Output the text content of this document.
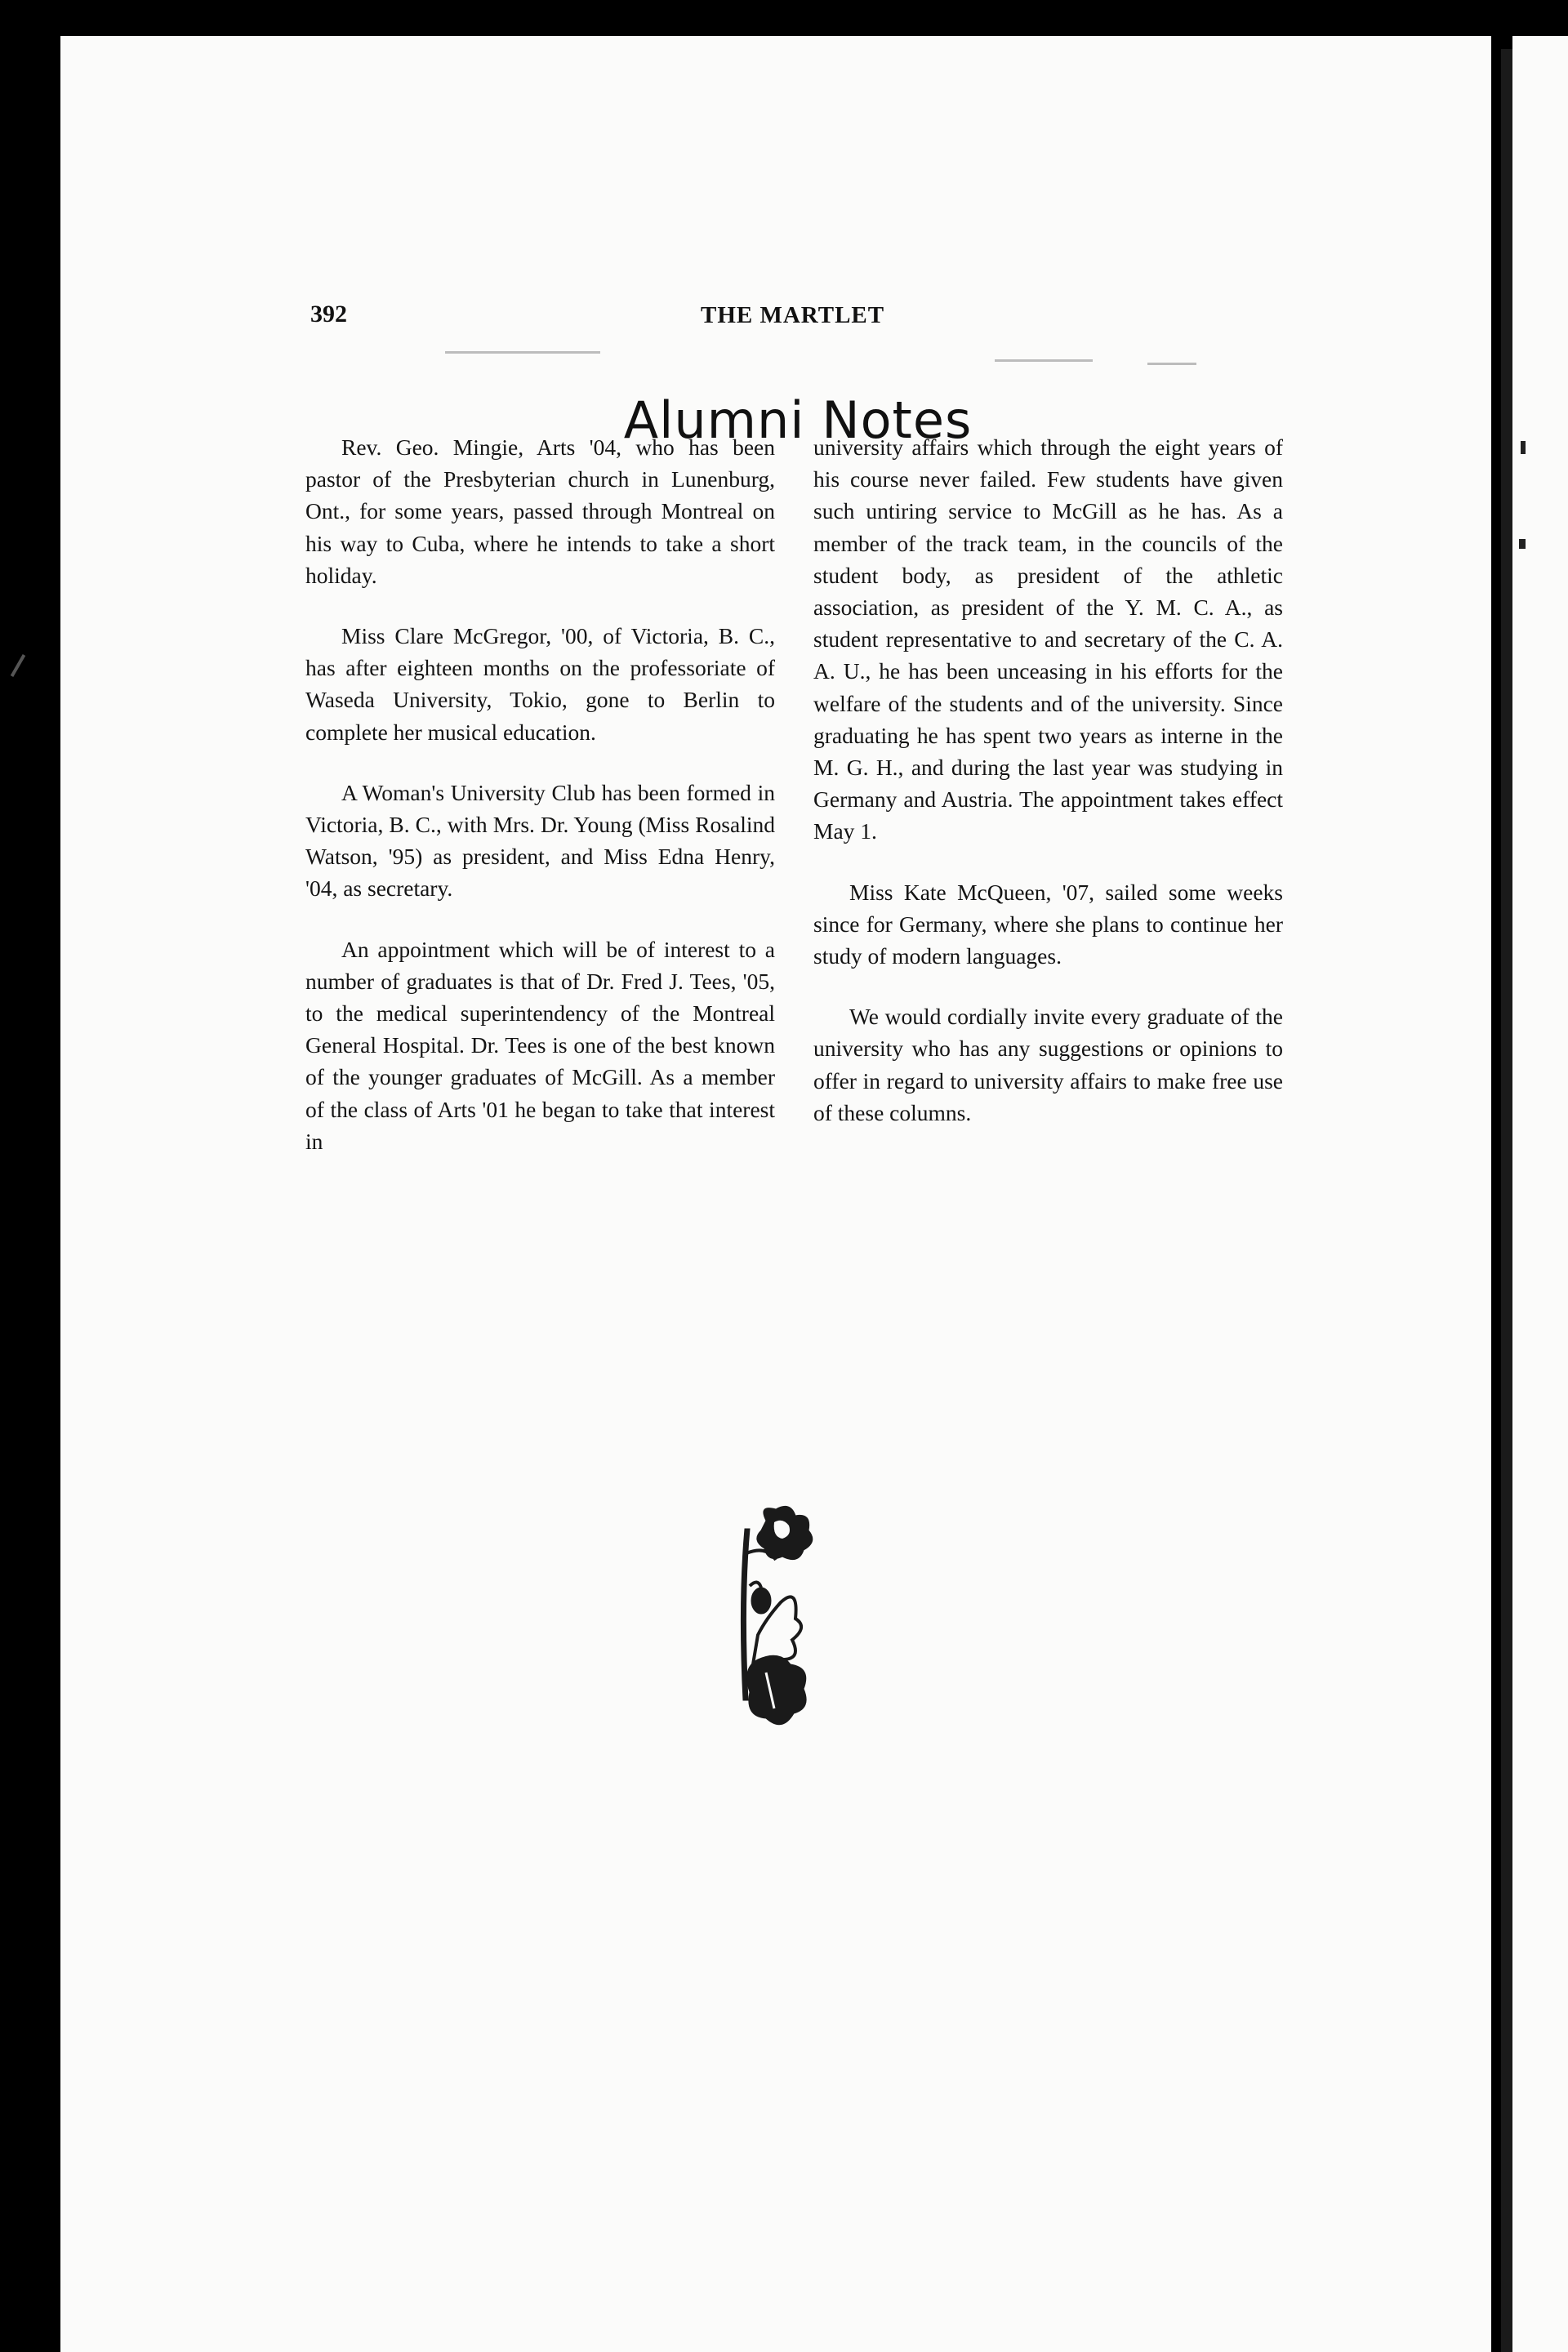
392	THE MARTLET
Alumni Notes

Rev. Geo. Mingie, Arts '04, who has been pastor of the Presbyterian church in Lunenburg, Ont., for some years, passed through Montreal on his way to Cuba, where he intends to take a short holiday.

Miss Clare McGregor, '00, of Victoria, B. C., has after eighteen months on the professoriate of Waseda University, Tokio, gone to Berlin to complete her musical education.

A Woman's University Club has been formed in Victoria, B. C., with Mrs. Dr. Young (Miss Rosalind Watson, '95) as president, and Miss Edna Henry, '04, as secretary.

An appointment which will be of interest to a number of graduates is that of Dr. Fred J. Tees, '05, to the medical superintendency of the Montreal General Hospital. Dr. Tees is one of the best known of the younger graduates of McGill. As a member of the class of Arts '01 he began to take that interest in

university affairs which through the eight years of his course never failed. Few students have given such untiring service to McGill as he has. As a member of the track team, in the councils of the student body, as president of the athletic association, as president of the Y. M. C. A., as student representative to and secretary of the C. A. A. U., he has been unceasing in his efforts for the welfare of the students and of the university. Since graduating he has spent two years as interne in the M. G. H., and during the last year was studying in Germany and Austria. The appointment takes effect May 1.

Miss Kate McQueen, '07, sailed some weeks since for Germany, where she plans to continue her study of modern languages.

We would cordially invite every graduate of the university who has any suggestions or opinions to offer in regard to university affairs to make free use of these columns.
